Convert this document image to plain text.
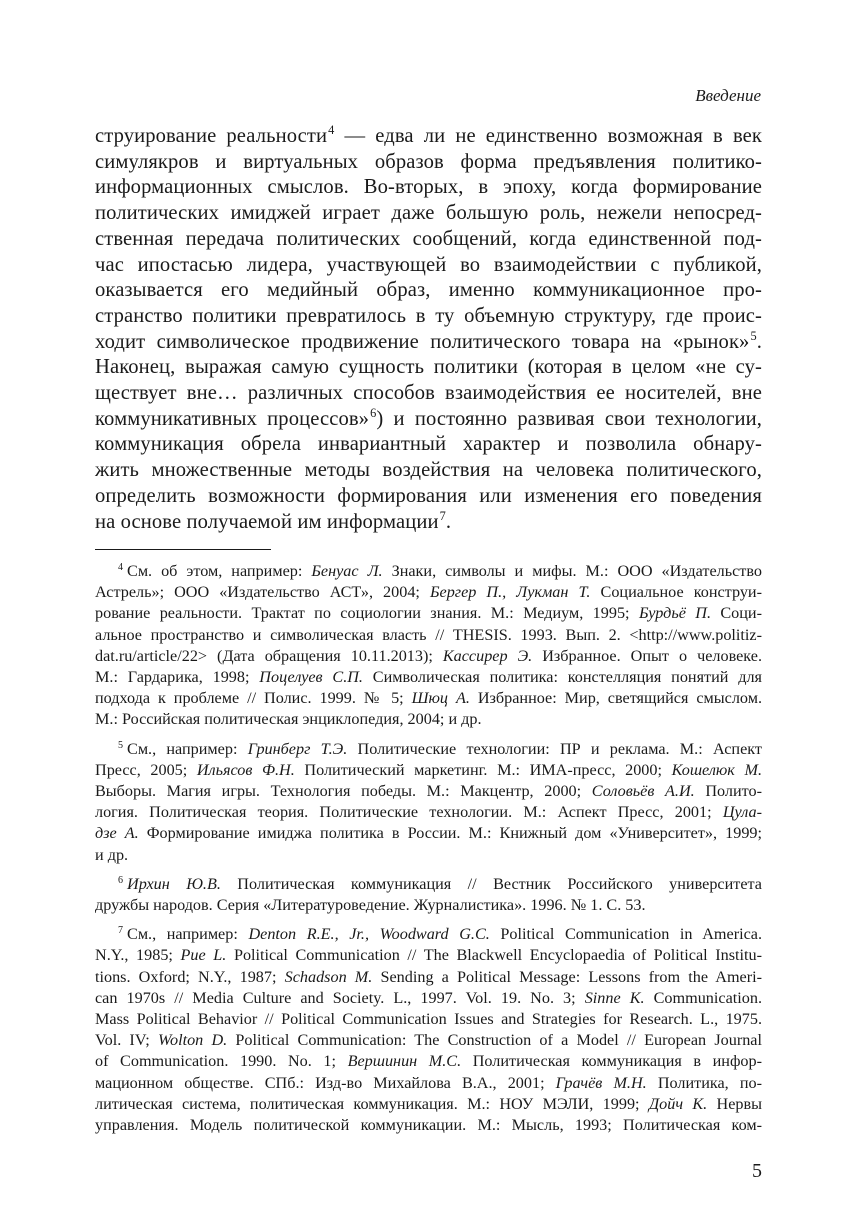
Введение
струирование реальности$^4$ — едва ли не единственно возможная в век
симулякров и виртуальных образов форма предъявления политико-
информационных смыслов. Во-вторых, в эпоху, когда формирование
политических имиджей играет даже большую роль, нежели непосред-
ственная передача политических сообщений, когда единственной под-
час ипостасью лидера, участвующей во взаимодействии с публикой,
оказывается его медийный образ, именно коммуникационное про-
странство политики превратилось в ту объемную структуру, где проис-
ходит символическое продвижение политического товара на «рынок»$^5$.
Наконец, выражая самую сущность политики (которая в целом «не су-
ществует вне… различных способов взаимодействия ее носителей, вне
коммуникативных процессов»$^6$) и постоянно развивая свои технологии,
коммуникация обрела инвариантный характер и позволила обнару-
жить множественные методы воздействия на человека политического,
определить возможности формирования или изменения его поведения
на основе получаемой им информации$^7$.
$^4$ См. об этом, например: Бенуас Л. Знаки, символы и мифы. М.: ООО «Издательство
Астрель»; ООО «Издательство АСТ», 2004; Бергер П., Лукман Т. Социальное конструи-
рование реальности. Трактат по социологии знания. М.: Медиум, 1995; Бурдьё П. Соци-
альное пространство и символическая власть // THESIS. 1993. Вып. 2. <http://www.politiz-
dat.ru/article/22> (Дата обращения 10.11.2013); Кассирер Э. Избранное. Опыт о человеке.
М.: Гардарика, 1998; Поцелуев С.П. Символическая политика: констелляция понятий для
подхода к проблеме // Полис. 1999. № 5; Шюц А. Избранное: Мир, светящийся смыслом.
М.: Российская политическая энциклопедия, 2004; и др.
$^5$ См., например: Гринберг Т.Э. Политические технологии: ПР и реклама. М.: Аспект
Пресс, 2005; Ильясов Ф.Н. Политический маркетинг. М.: ИМА-пресс, 2000; Кошелюк М.
Выборы. Магия игры. Технология победы. М.: Макцентр, 2000; Соловьёв А.И. Полито-
логия. Политическая теория. Политические технологии. М.: Аспект Пресс, 2001; Цула-
дзе А. Формирование имиджа политика в России. М.: Книжный дом «Университет», 1999;
и др.
$^6$ Ирхин Ю.В. Политическая коммуникация // Вестник Российского университета
дружбы народов. Серия «Литературоведение. Журналистика». 1996. № 1. С. 53.
$^7$ См., например: Denton R.E., Jr., Woodward G.C. Political Communication in America.
N.Y., 1985; Pue L. Political Communication // The Blackwell Encyclopaedia of Political Institu-
tions. Oxford; N.Y., 1987; Schadson M. Sending a Political Message: Lessons from the Ameri-
can 1970s // Media Culture and Society. L., 1997. Vol. 19. No. 3; Sinne K. Communication.
Mass Political Behavior // Political Communication Issues and Strategies for Research. L., 1975.
Vol. IV; Wolton D. Political Communication: The Construction of a Model // European Journal
of Communication. 1990. No. 1; Вершинин М.С. Политическая коммуникация в инфор-
мационном обществе. СПб.: Изд-во Михайлова В.А., 2001; Грачёв М.Н. Политика, по-
литическая система, политическая коммуникация. М.: НОУ МЭЛИ, 1999; Дойч К. Нервы
управления. Модель политической коммуникации. М.: Мысль, 1993; Политическая ком-
5
